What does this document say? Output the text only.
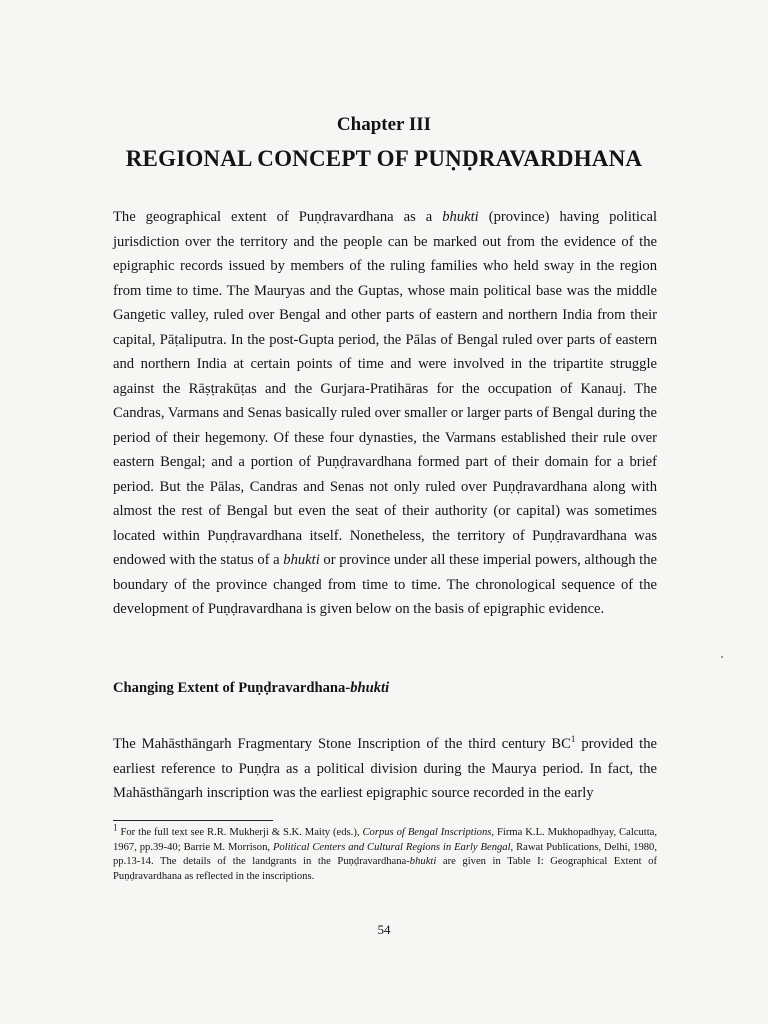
Chapter III
REGIONAL CONCEPT OF PUṆḌRAVARDHANA

The geographical extent of Puṇḍravardhana as a bhukti (province) having political jurisdiction over the territory and the people can be marked out from the evidence of the epigraphic records issued by members of the ruling families who held sway in the region from time to time. The Mauryas and the Guptas, whose main political base was the middle Gangetic valley, ruled over Bengal and other parts of eastern and northern India from their capital, Pāṭaliputra. In the post-Gupta period, the Pālas of Bengal ruled over parts of eastern and northern India at certain points of time and were involved in the tripartite struggle against the Rāṣṭrakūṭas and the Gurjara-Pratihāras for the occupation of Kanauj. The Candras, Varmans and Senas basically ruled over smaller or larger parts of Bengal during the period of their hegemony. Of these four dynasties, the Varmans established their rule over eastern Bengal; and a portion of Puṇḍravardhana formed part of their domain for a brief period. But the Pālas, Candras and Senas not only ruled over Puṇḍravardhana along with almost the rest of Bengal but even the seat of their authority (or capital) was sometimes located within Puṇḍravardhana itself. Nonetheless, the territory of Puṇḍravardhana was endowed with the status of a bhukti or province under all these imperial powers, although the boundary of the province changed from time to time. The chronological sequence of the development of Puṇḍravardhana is given below on the basis of epigraphic evidence.

Changing Extent of Puṇḍravardhana-bhukti

The Mahāsthāngarh Fragmentary Stone Inscription of the third century $BC^1$ provided the earliest reference to Puṇḍra as a political division during the Maurya period. In fact, the Mahāsthāngarh inscription was the earliest epigraphic source recorded in the early

$^1$ For the full text see R.R. Mukherji & S.K. Maity (eds.), Corpus of Bengal Inscriptions, Firma K.L. Mukhopadhyay, Calcutta, 1967, pp.39-40; Barrie M. Morrison, Political Centers and Cultural Regions in Early Bengal, Rawat Publications, Delhi, 1980, pp.13-14. The details of the landgrants in the Puṇḍravardhana-bhukti are given in Table I: Geographical Extent of Puṇḍravardhana as reflected in the inscriptions.

54
